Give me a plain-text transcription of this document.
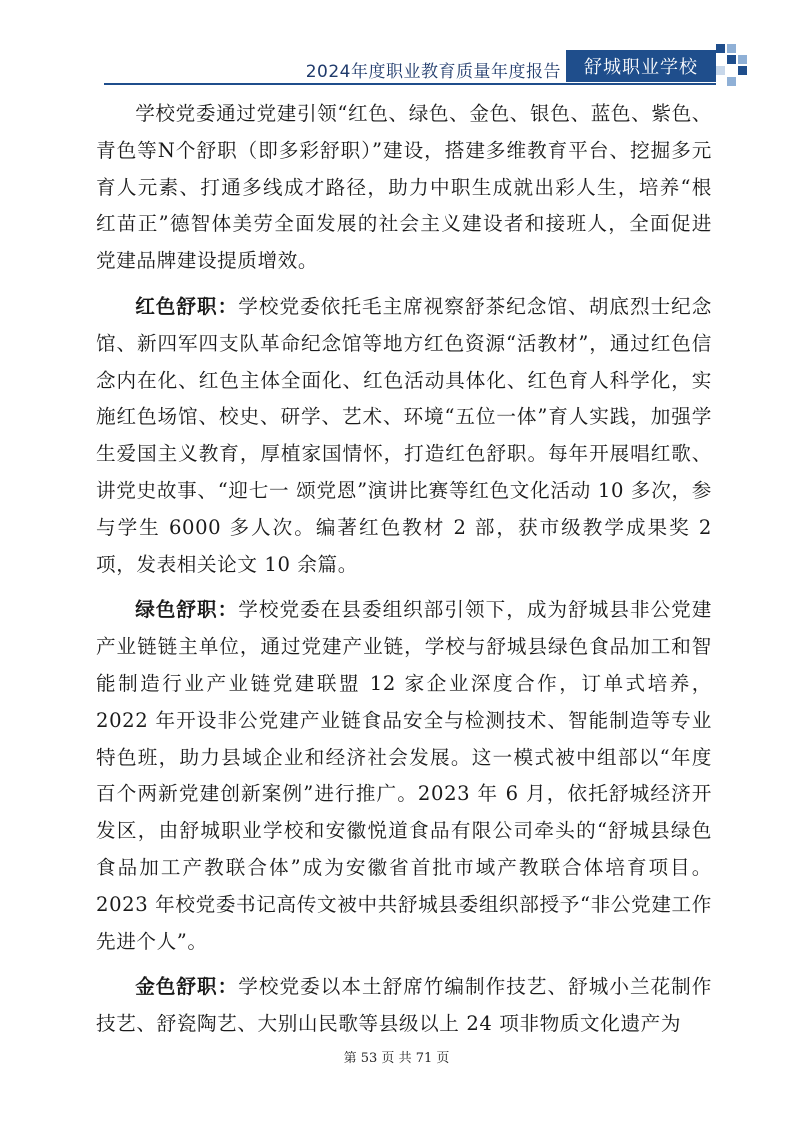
2024年度职业教育质量年度报告	舒城职业学校

学校党委通过党建引领“红色、绿色、金色、银色、蓝色、紫色、青色等N个舒职（即多彩舒职）”建设，搭建多维教育平台、挖掘多元育人元素、打通多线成才路径，助力中职生成就出彩人生，培养“根红苗正”德智体美劳全面发展的社会主义建设者和接班人，全面促进党建品牌建设提质增效。

红色舒职：学校党委依托毛主席视察舒茶纪念馆、胡底烈士纪念馆、新四军四支队革命纪念馆等地方红色资源“活教材”，通过红色信念内在化、红色主体全面化、红色活动具体化、红色育人科学化，实施红色场馆、校史、研学、艺术、环境“五位一体”育人实践，加强学生爱国主义教育，厚植家国情怀，打造红色舒职。每年开展唱红歌、讲党史故事、“迎七一 颂党恩”演讲比赛等红色文化活动 10 多次，参与学生 6000 多人次。编著红色教材 2 部，获市级教学成果奖 2 项，发表相关论文 10 余篇。

绿色舒职：学校党委在县委组织部引领下，成为舒城县非公党建产业链链主单位，通过党建产业链，学校与舒城县绿色食品加工和智能制造行业产业链党建联盟 12 家企业深度合作，订单式培养，2022 年开设非公党建产业链食品安全与检测技术、智能制造等专业特色班，助力县域企业和经济社会发展。这一模式被中组部以“年度百个两新党建创新案例”进行推广。2023 年 6 月，依托舒城经济开发区，由舒城职业学校和安徽悦道食品有限公司牵头的“舒城县绿色食品加工产教联合体”成为安徽省首批市域产教联合体培育项目。2023 年校党委书记高传文被中共舒城县委组织部授予“非公党建工作先进个人”。

金色舒职：学校党委以本土舒席竹编制作技艺、舒城小兰花制作技艺、舒瓷陶艺、大别山民歌等县级以上 24 项非物质文化遗产为

第 53 页 共 71 页
